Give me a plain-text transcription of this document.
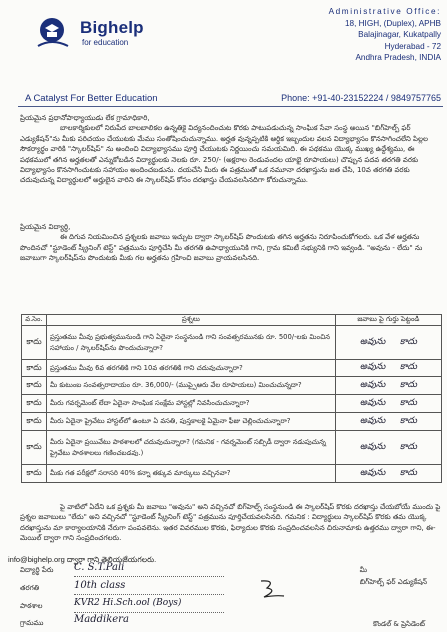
Bighelp
for education
A Catalyst For Better Education
Administrative Office:
18, HIGH, (Duplex), APHB
Balajinagar, Kukatpally
Hyderabad - 72
Andhra Pradesh, INDIA
Phone: +91-40-23152224 / 9849757765
ప్రియమైన ప్రధానోపాధ్యాయుడు లేక గ్రామాధికారి,
బాలకార్మికులలో నిరుపేద బాలబాలికల ఉన్నతికై విద్యనందించుట కొరకు పాటుపడుచున్న సాంఘిక సేవా సంస్థ అయిన "బిగ్‌హెల్ప్ ఫర్ ఎడ్యుకేషన్"ను మీకు పరిచయం చేయుటకు మేము సంతోషించుచున్నాము. అర్హత వున్నప్పటికి ఆర్థిక ఇబ్బందుల వలన విద్యాభ్యాసం కొనసాగించలేని పిల్లల సౌకర్యార్థం వారికి "స్కాలర్‌షిప్" ను అందించి విద్యాభ్యాసము పూర్తి చేయుటకు నిర్ణయించు సమయమిది. ఈ పథకము యొక్క ముఖ్య ఉద్దేశ్యము, ఈ పథకములో తగిన అర్హతలతో ఎన్నుకోబడిన విద్యార్థులకు నెలకు రూ. 250/- (అక్షరాల రెండువందల యాభై రూపాయలు) చొప్పున పదవ తరగతి వరకు విద్యాభ్యాసం కొనసాగించుటకు సహాయం అందించబడును. దయచేసి మీరు ఈ పత్రముతో ఒక నమూనా దరఖాస్తును జత చేసి, 10వ తరగతి వరకు చదువుచున్న విద్యార్థులలో అర్హులైన వారిని ఈ స్కాలర్‌షిప్ కోసం దరఖాస్తు చేయవలసినదిగా కోరుచున్నాము.
ప్రియమైన విద్యార్థి,
ఈ దిగువ నియమించిన ప్రశ్నలకు జవాబు ఇచ్చుట ద్వారా స్కాలర్‌షిప్ పొందుటకు తగిన అర్హతను నిరూపించుకోగలరు. ఒక వేళ అర్హతను పొందినచో "స్టూడెంట్ స్క్రీనింగ్ టెస్ట్" పత్రమును పూర్తిచేసి మీ తరగతి ఉపాధ్యాయునికి గాని, గ్రామ కమిటీ సభ్యునికి గాని ఇవ్వండి. "అవును - లేదు" ను జవాబుగా స్కాలర్‌షిప్‌ను పొందుటకు మీకు గల అర్హతను గ్రహించి జవాబు వ్రాయవలసినది.
వ.సెం.	ప్రశ్నలు	జవాబు పై గుర్తు పెట్టండి
కాదు	ప్రస్తుతము మీవు ప్రభుత్వమునుండి గాని ఏదైనా సంస్థనుండి గాని సంవత్సరమునకు రూ. 500/-లకు మించిన సహాయం / స్కాలర్‌షిప్‌ను పొందుచున్నారా?	అవును కాదు

కాదు	ప్రస్తుతము మీవు 6వ తరగతికి గాని 10వ తరగతికి గాని చదువుచున్నారా?	అవును కాదు

కాదు	మీ కుటుంబ సంవత్సరాదాయం రూ. 36,000/- (ముప్పైఆరు వేల రూపాయలు) మించుచున్నదా?	అవును కాదు

కాదు	మీరు గవర్నమెంట్ లేదా ఏదైనా సాంఘిక సంక్షేమ హాస్టల్లో నివసించుచున్నారా?	అవును కాదు

కాదు	మీరు ఏదైనా ప్రైవేటు హాస్టల్‌లో ఉంటూ ఏ వసతి, పుస్తకాలకై ఏమైనా ఫీజు చెల్లించుచున్నారా?	అవును కాదు

కాదు	మీరు ఏదైనా ప్రయివేటు పాఠశాలలో చదువుచున్నారా? (గమనిక - గవర్నమెంట్ సబ్సిడీ ద్వారా నడుపుచున్న ప్రైవేటు పాఠశాలలు గణించబడవు.)	అవును కాదు

కాదు	మీకు గత పరీక్షలో సరాసరి 40% కన్నా తక్కువ మార్కులు వచ్చినవా?	అవును కాదు
పై వాటిలో ఏదేని ఒక ప్రశ్నకు మీ జవాబు "అవును" అని వచ్చినచో బిగ్‌హెల్ప్ సంస్థనుండి ఈ స్కాలర్‌షిప్ కొరకు దరఖాస్తు చేయబోయే ముందు పై ప్రశ్నల జవాబులు "లేదు" అని వచ్చినచో "స్టూడెంట్ స్క్రీనింగ్ టెస్ట్" పత్రమును పూర్తిచేయవలసినది. గమనిక : విద్యార్థులు స్కాలర్‌షిప్ కొరకు తమ యొక్క దరఖాస్తును మా కార్యాలయానికి నేరుగా పంపవలెను. ఇతర వివరముల కొరకు, ఫిర్యాదుల కొరకు సంప్రదించవలసిన చిరునామాకు ఉత్తరము ద్వారా గాని, ఈ-మెయిల్ ద్వారా గాని సంప్రదించగలరు.
info@bighelp.org ద్వారా గాని తెలియజేయగలరు.
విద్యార్థి పేరు C. S.T.Pali
తరగతి	10th class
పాఠశాల	KVR2 Hi.Sch.ool (Boys)
గ్రామము	Maddikera
మీ
బిగ్‌హెల్ప్ ఫర్ ఎడ్యుకేషన్
కొండల్ & ప్రెసిడెంట్
